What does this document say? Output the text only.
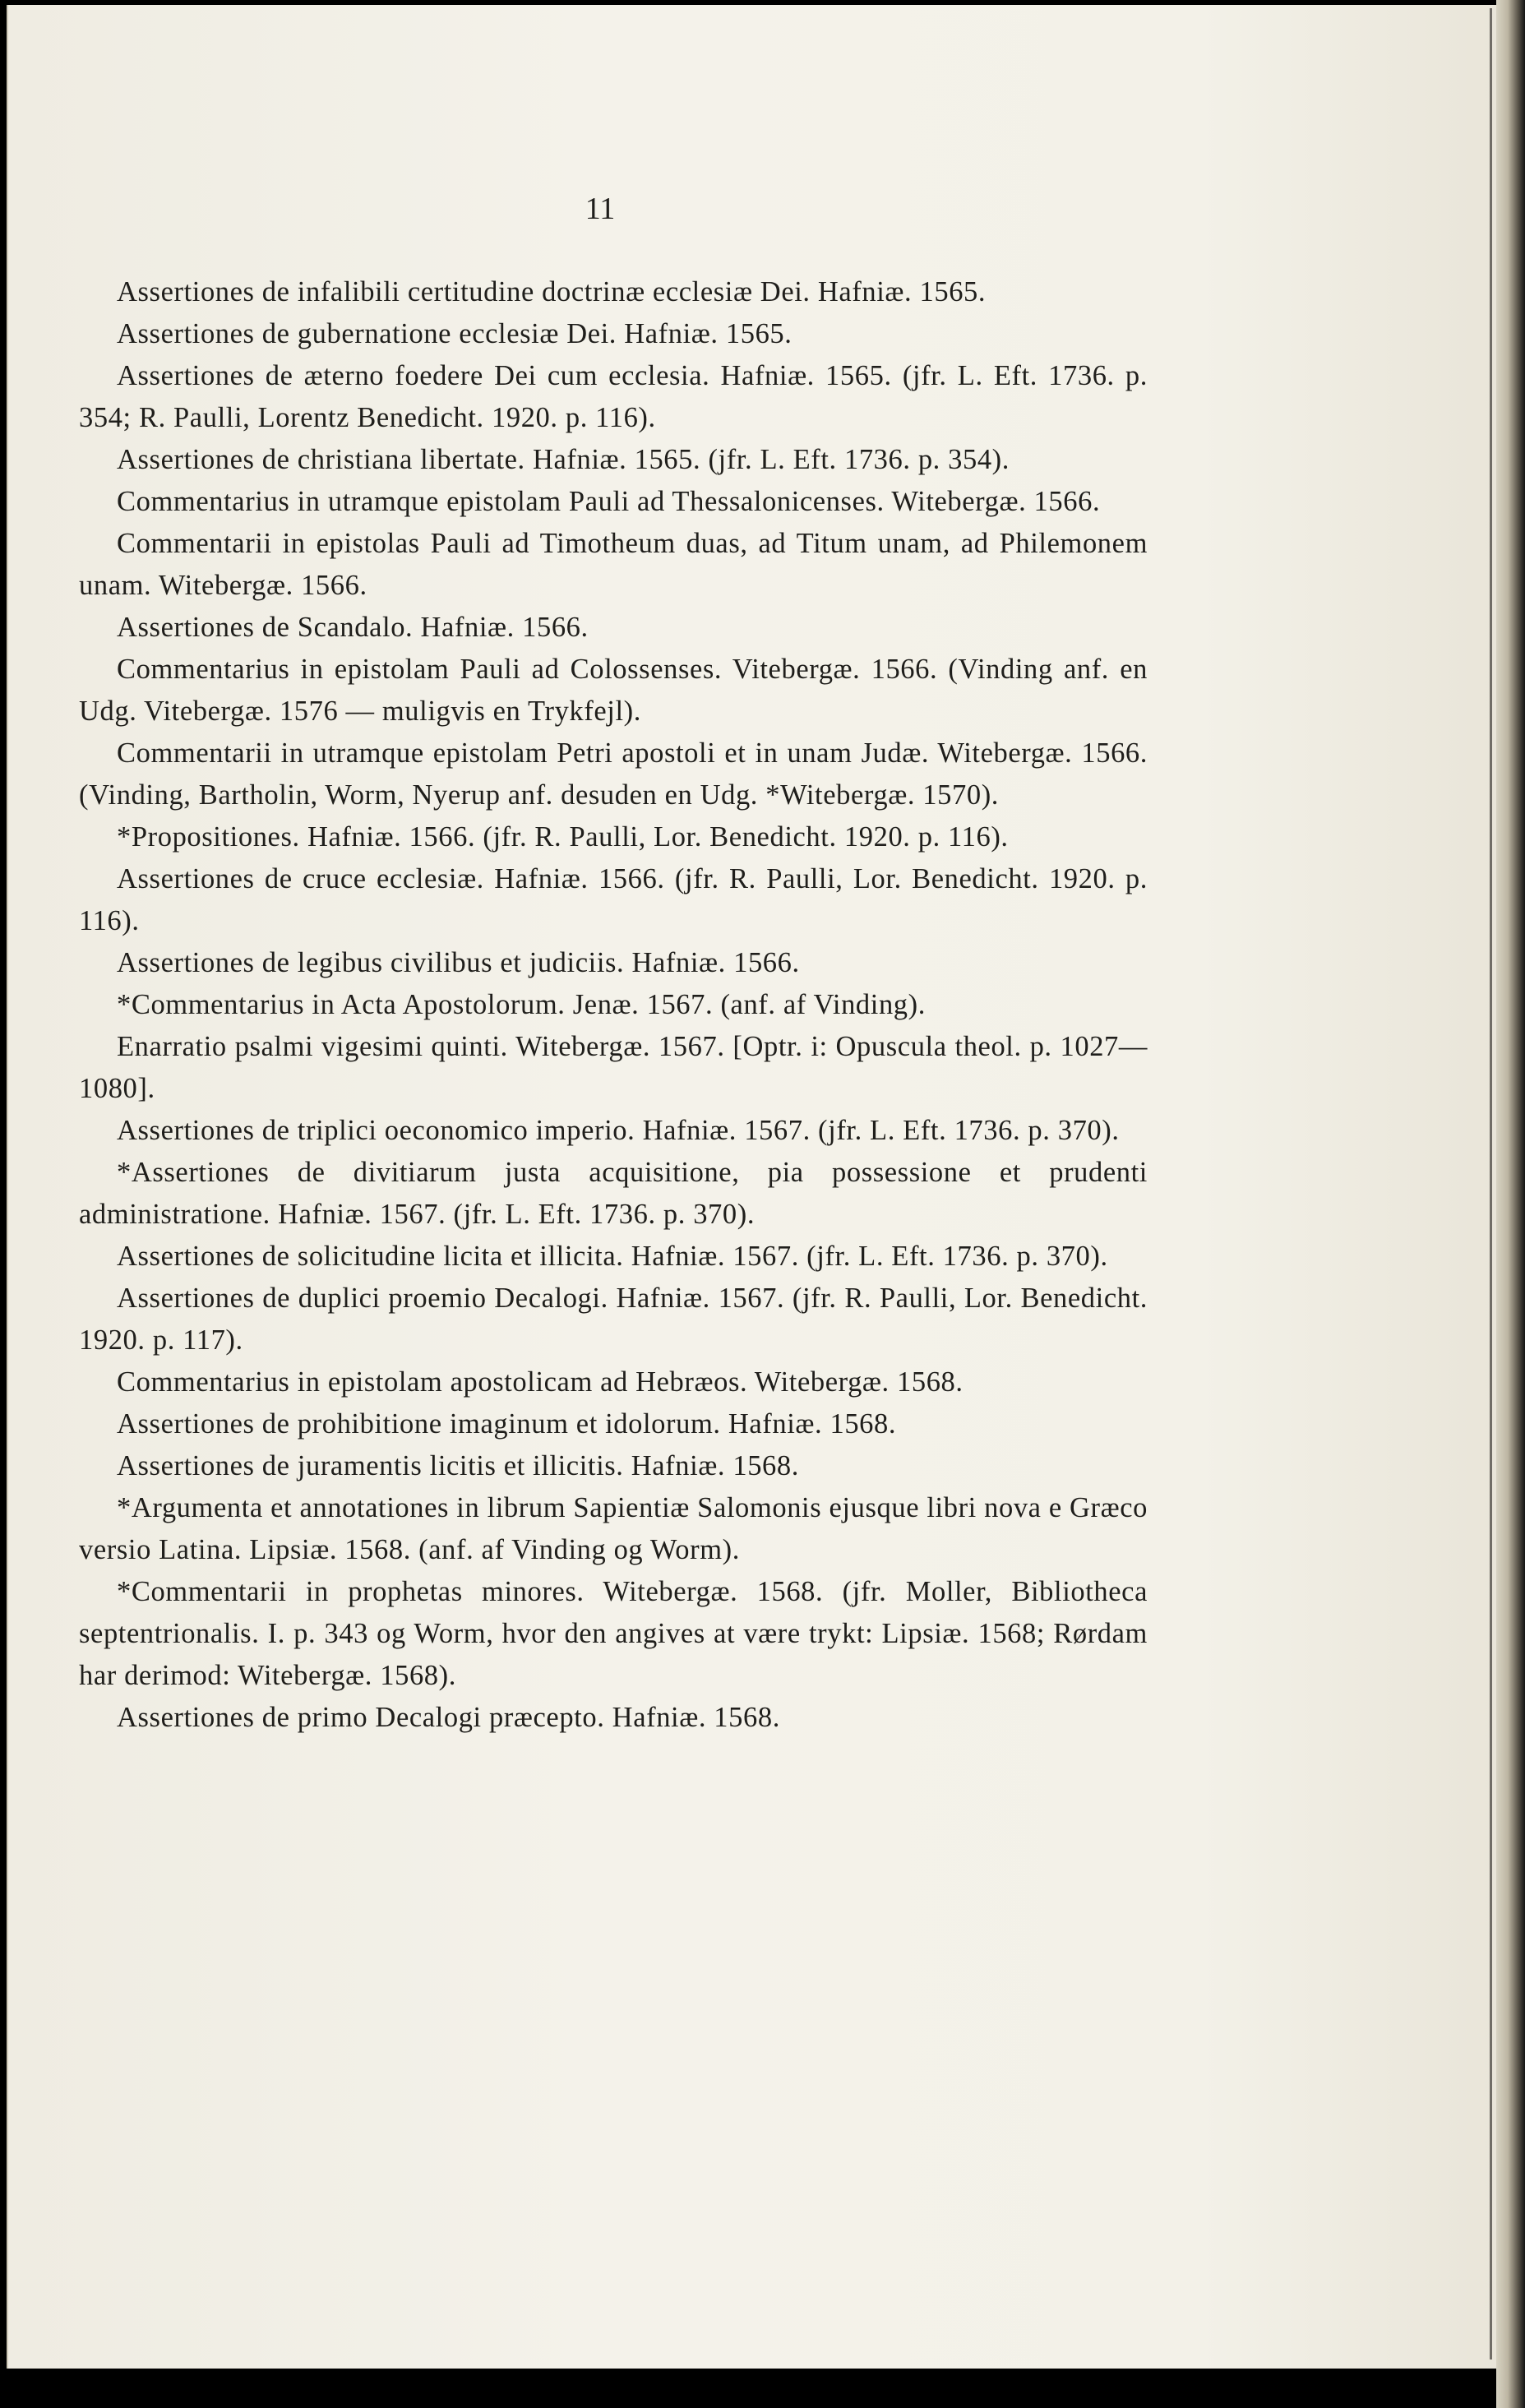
11

Assertiones de infalibili certitudine doctrinæ ecclesiæ Dei. Hafniæ. 1565.

Assertiones de gubernatione ecclesiæ Dei. Hafniæ. 1565.

Assertiones de æterno foedere Dei cum ecclesia. Hafniæ. 1565. (jfr. L. Eft. 1736. p. 354; R. Paulli, Lorentz Benedicht. 1920. p. 116).

Assertiones de christiana libertate. Hafniæ. 1565. (jfr. L. Eft. 1736. p. 354).

Commentarius in utramque epistolam Pauli ad Thessalonicenses. Witebergæ. 1566.

Commentarii in epistolas Pauli ad Timotheum duas, ad Titum unam, ad Philemonem unam. Witebergæ. 1566.

Assertiones de Scandalo. Hafniæ. 1566.

Commentarius in epistolam Pauli ad Colossenses. Vitebergæ. 1566. (Vinding anf. en Udg. Vitebergæ. 1576 — muligvis en Trykfejl).

Commentarii in utramque epistolam Petri apostoli et in unam Judæ. Witebergæ. 1566. (Vinding, Bartholin, Worm, Nyerup anf. desuden en Udg. *Witebergæ. 1570).

*Propositiones. Hafniæ. 1566. (jfr. R. Paulli, Lor. Benedicht. 1920. p. 116).

Assertiones de cruce ecclesiæ. Hafniæ. 1566. (jfr. R. Paulli, Lor. Benedicht. 1920. p. 116).

Assertiones de legibus civilibus et judiciis. Hafniæ. 1566.

*Commentarius in Acta Apostolorum. Jenæ. 1567. (anf. af Vinding).

Enarratio psalmi vigesimi quinti. Witebergæ. 1567. [Optr. i: Opuscula theol. p. 1027—1080].

Assertiones de triplici oeconomico imperio. Hafniæ. 1567. (jfr. L. Eft. 1736. p. 370).

*Assertiones de divitiarum justa acquisitione, pia possessione et prudenti administratione. Hafniæ. 1567. (jfr. L. Eft. 1736. p. 370).

Assertiones de solicitudine licita et illicita. Hafniæ. 1567. (jfr. L. Eft. 1736. p. 370).

Assertiones de duplici proemio Decalogi. Hafniæ. 1567. (jfr. R. Paulli, Lor. Benedicht. 1920. p. 117).

Commentarius in epistolam apostolicam ad Hebræos. Witebergæ. 1568.

Assertiones de prohibitione imaginum et idolorum. Hafniæ. 1568.

Assertiones de juramentis licitis et illicitis. Hafniæ. 1568.

*Argumenta et annotationes in librum Sapientiæ Salomonis ejusque libri nova e Græco versio Latina. Lipsiæ. 1568. (anf. af Vinding og Worm).

*Commentarii in prophetas minores. Witebergæ. 1568. (jfr. Moller, Bibliotheca septentrionalis. I. p. 343 og Worm, hvor den angives at være trykt: Lipsiæ. 1568; Rørdam har derimod: Witebergæ. 1568).

Assertiones de primo Decalogi præcepto. Hafniæ. 1568.
